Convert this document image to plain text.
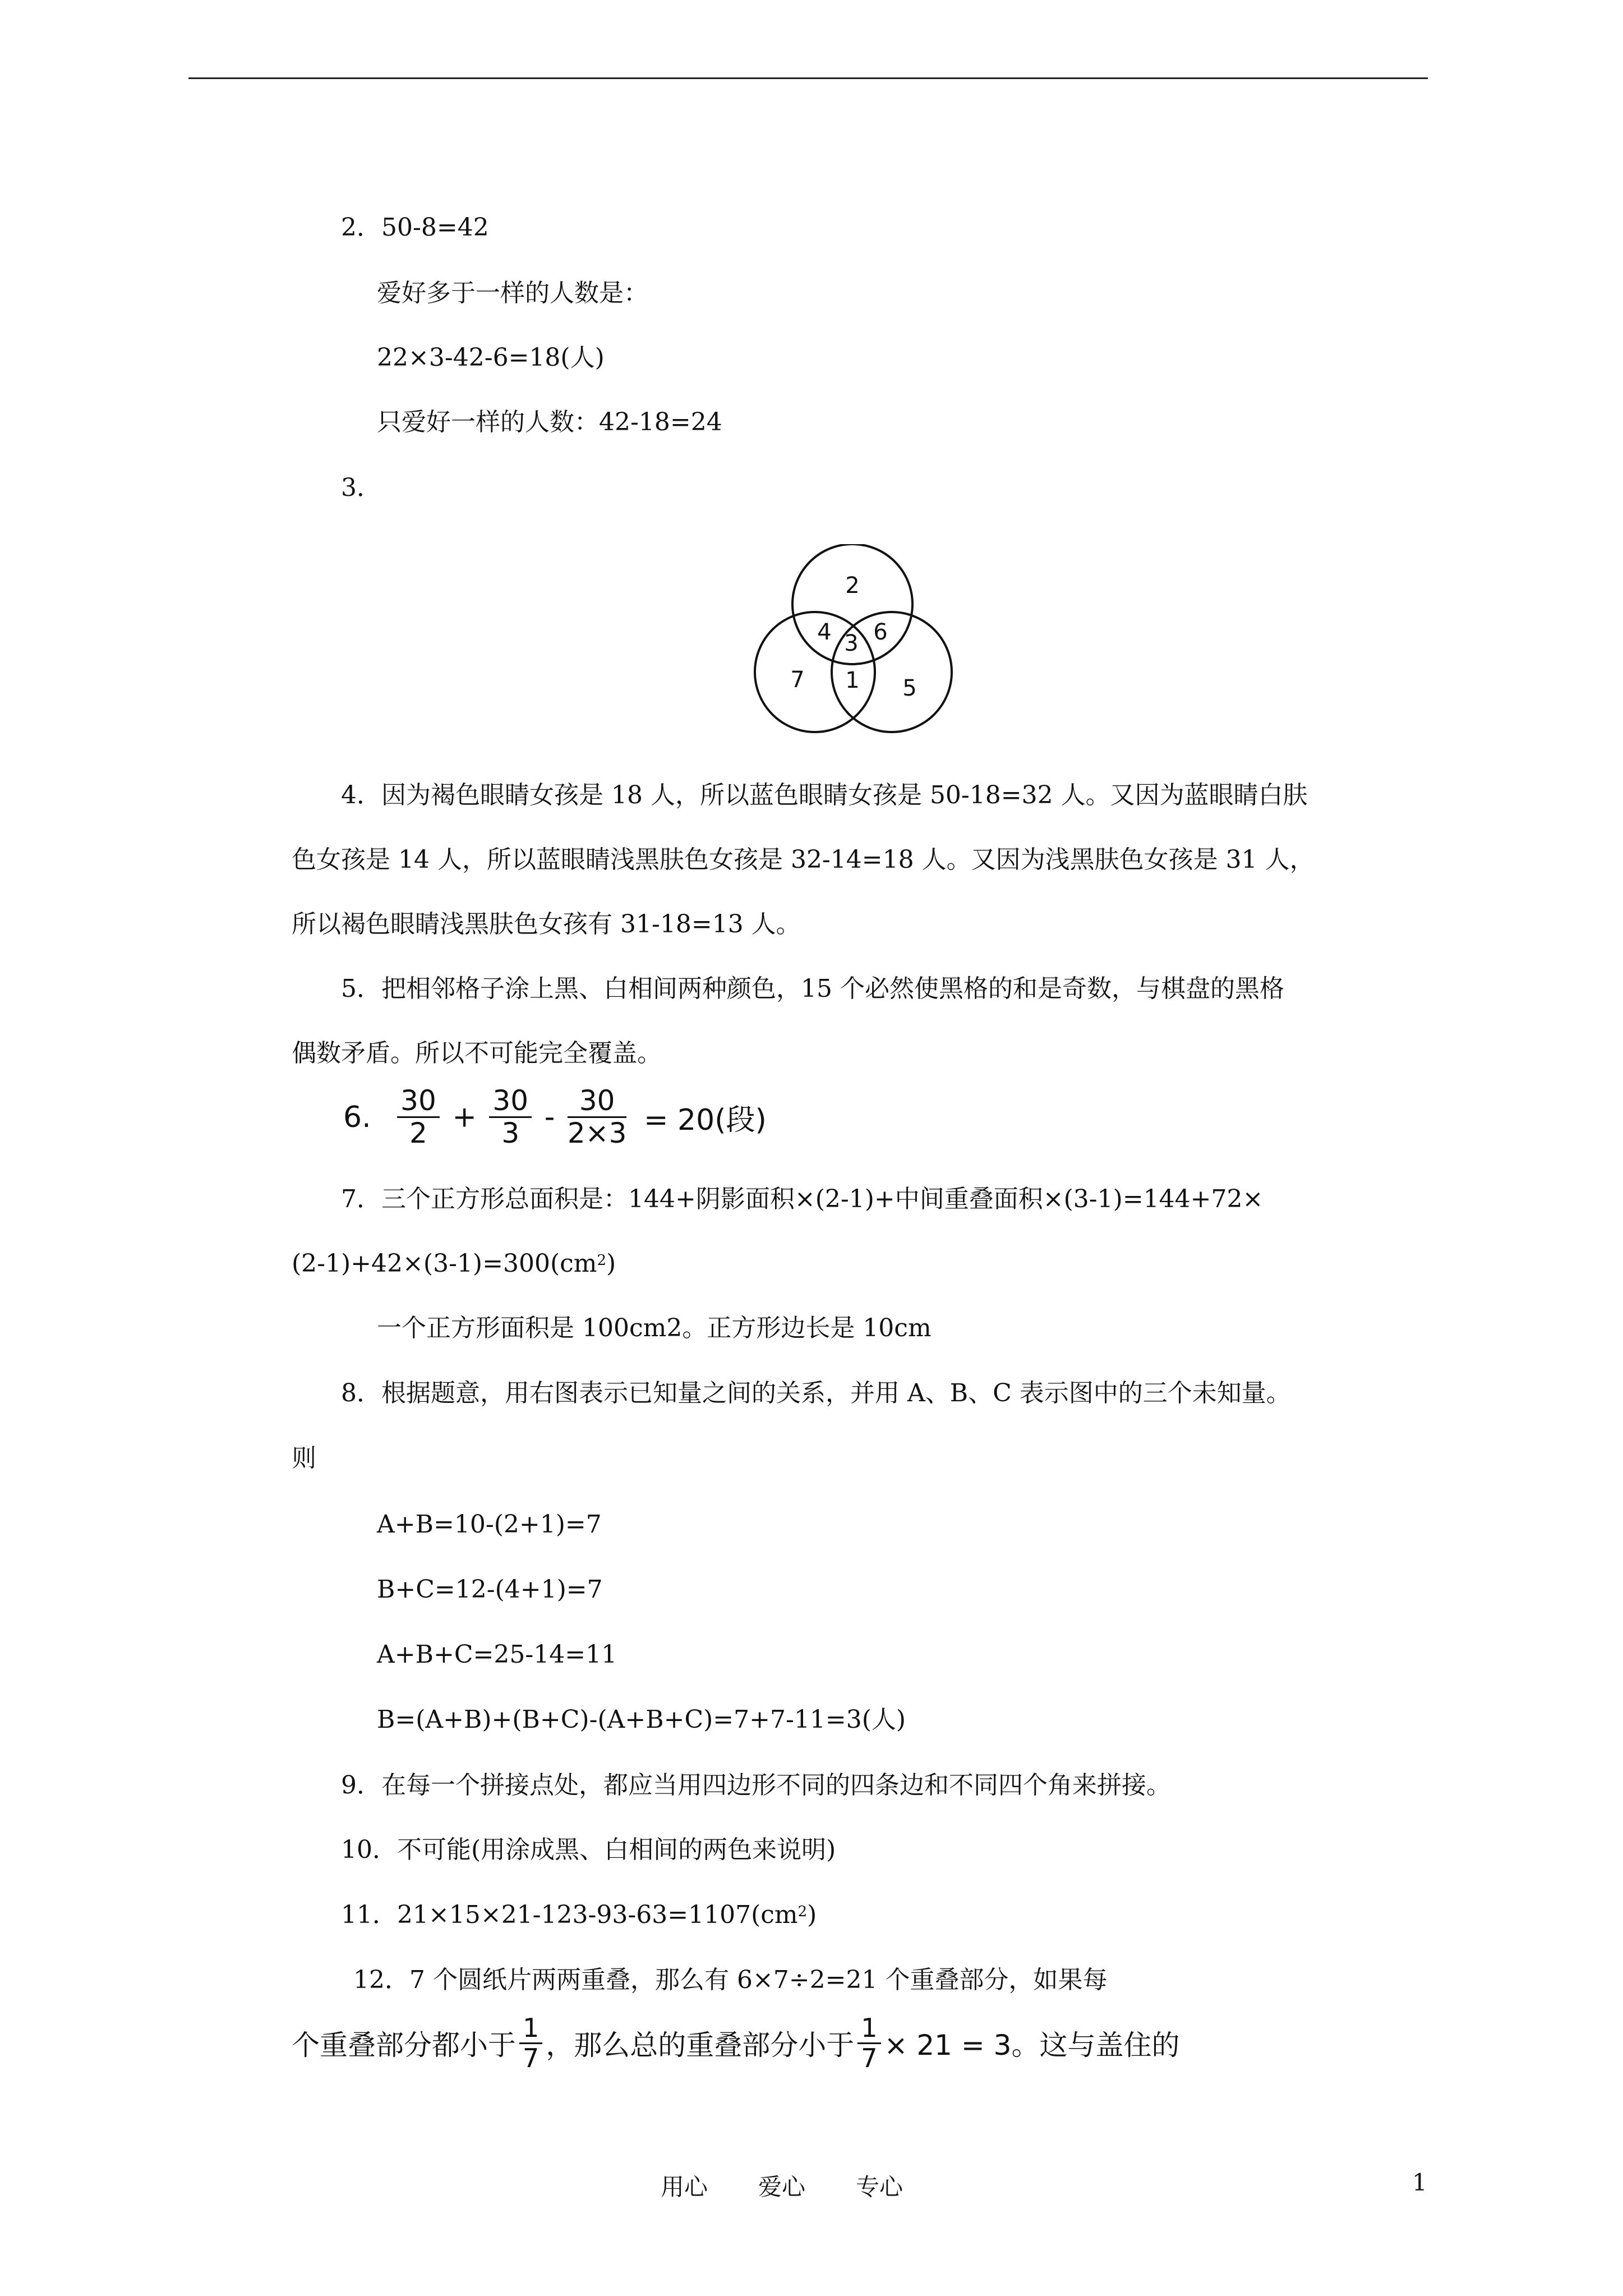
2．50-8=42
爱好多于一样的人数是：
22×3-42-6=18(人)
只爱好一样的人数：42-18=24
3．
2
4 3 6
7 1 5
4．因为褐色眼睛女孩是 18 人，所以蓝色眼睛女孩是 50-18=32 人。又因为蓝眼睛白肤
色女孩是 14 人，所以蓝眼睛浅黑肤色女孩是 32-14=18 人。又因为浅黑肤色女孩是 31 人，
所以褐色眼睛浅黑肤色女孩有 31-18=13 人。
5．把相邻格子涂上黑、白相间两种颜色，15 个必然使黑格的和是奇数，与棋盘的黑格
偶数矛盾。所以不可能完全覆盖。
6. $\frac{30}{2} + \frac{30}{3} - \frac{30}{2\times 3} = 20$(段)
7．三个正方形总面积是：144+阴影面积×(2-1)+中间重叠面积×(3-1)=144+72×
$(2-1)+42\times(3-1)=300(cm^2)$
一个正方形面积是 100cm2。正方形边长是 10cm
8．根据题意，用右图表示已知量之间的关系，并用 A、B、C 表示图中的三个未知量。
则
A+B=10-(2+1)=7
B+C=12-(4+1)=7
A+B+C=25-14=11
B=(A+B)+(B+C)-(A+B+C)=7+7-11=3(人)
9．在每一个拼接点处，都应当用四边形不同的四条边和不同四个角来拼接。
10．不可能(用涂成黑、白相间的两色来说明)
11．$21\times 15\times 21-123-93-63=1107(cm^2)$
12．7 个圆纸片两两重叠，那么有 6×7÷2=21 个重叠部分，如果每
个重叠部分都小于 $\frac{1}{7}$ ，那么总的重叠部分小于 $\frac{1}{7} \times 21 = 3$。这与盖住的
用心 爱心 专心	1
